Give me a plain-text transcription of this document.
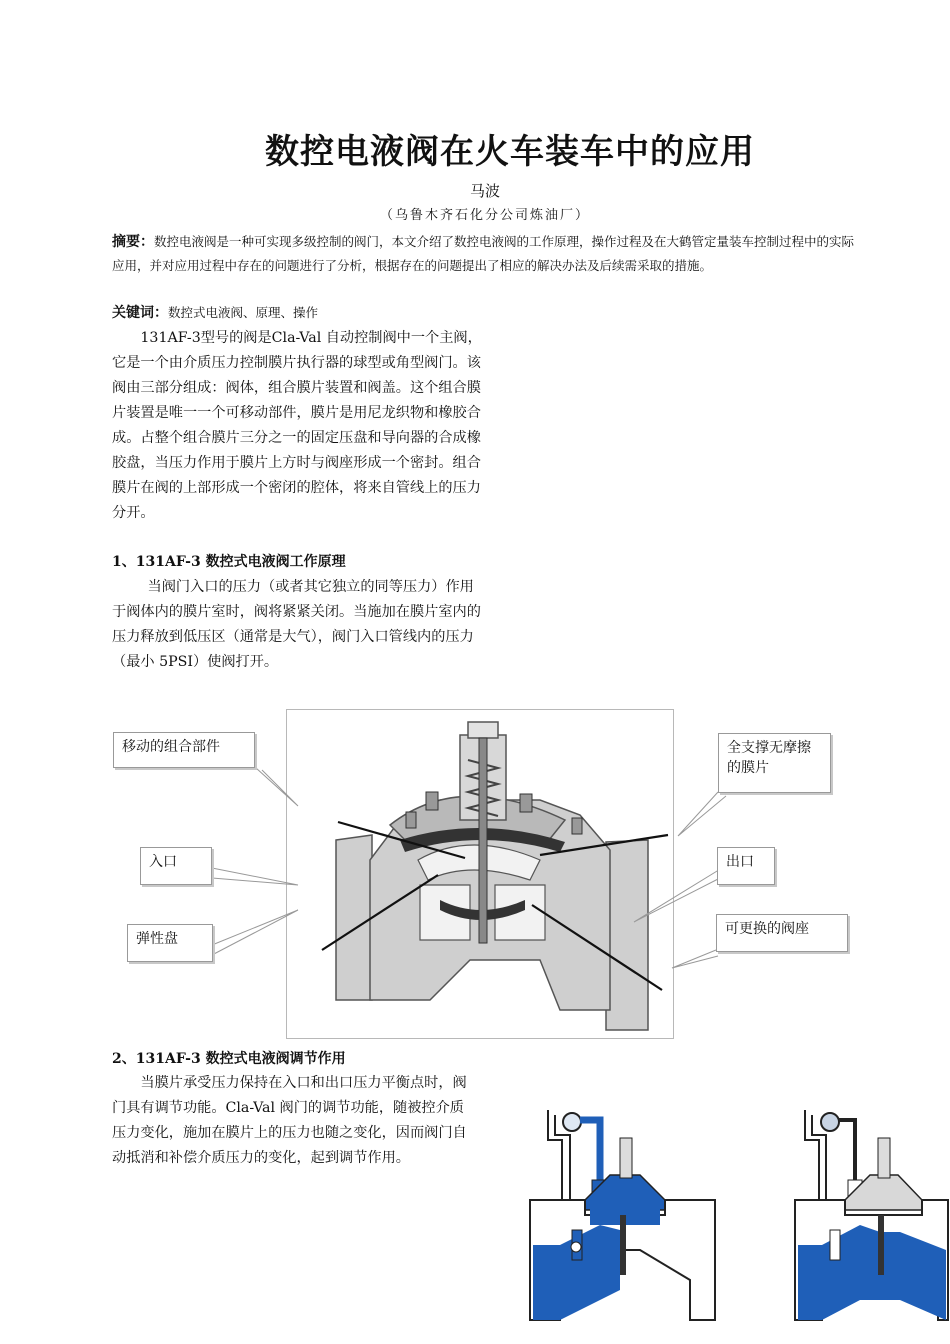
数控电液阀在火车装车中的应用
马波
（乌鲁木齐石化分公司炼油厂）
摘要：数控电液阀是一种可实现多级控制的阀门，本文介绍了数控电液阀的工作原理，操作过程及在大鹤管定量装车控制过程中的实际应用，并对应用过程中存在的问题进行了分析，根据存在的问题提出了相应的解决办法及后续需采取的措施。
关键词：数控式电液阀、原理、操作
131AF-3型号的阀是Cla-Val 自动控制阀中一个主阀，它是一个由介质压力控制膜片执行器的球型或角型阀门。该阀由三部分组成：阀体，组合膜片装置和阀盖。这个组合膜片装置是唯一一个可移动部件，膜片是用尼龙织物和橡胶合成。占整个组合膜片三分之一的固定压盘和导向器的合成橡胶盘，当压力作用于膜片上方时与阀座形成一个密封。组合膜片在阀的上部形成一个密闭的腔体，将来自管线上的压力分开。
1、131AF-3 数控式电液阀工作原理
当阀门入口的压力（或者其它独立的同等压力）作用于阀体内的膜片室时，阀将紧紧关闭。当施加在膜片室内的压力释放到低压区（通常是大气），阀门入口管线内的压力（最小 5PSI）使阀打开。
移动的组合部件
入口
弹性盘
全支撑无摩擦的膜片
出口
可更换的阀座
2、131AF-3 数控式电液阀调节作用
当膜片承受压力保持在入口和出口压力平衡点时，阀门具有调节功能。Cla-Val 阀门的调节功能，随被控介质压力变化，施加在膜片上的压力也随之变化，因而阀门自动抵消和补偿介质压力的变化，起到调节作用。
